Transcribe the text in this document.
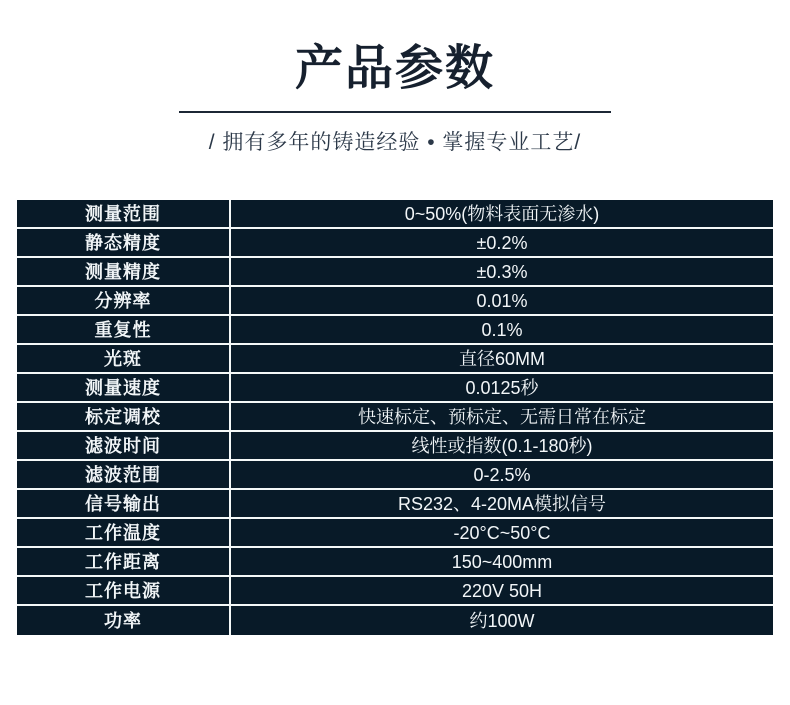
产品参数
/ 拥有多年的铸造经验 • 掌握专业工艺/
测量范围	0~50%(物料表面无渗水)
静态精度	±0.2%
测量精度	±0.3%
分辨率	0.01%
重复性	0.1%
光斑	直径60MM
测量速度	0.0125秒
标定调校	快速标定、预标定、无需日常在标定
滤波时间	线性或指数(0.1-180秒)
滤波范围	0-2.5%
信号输出	RS232、4-20MA模拟信号
工作温度	-20°C~50°C
工作距离	150~400mm
工作电源	220V 50H
功率	约100W
